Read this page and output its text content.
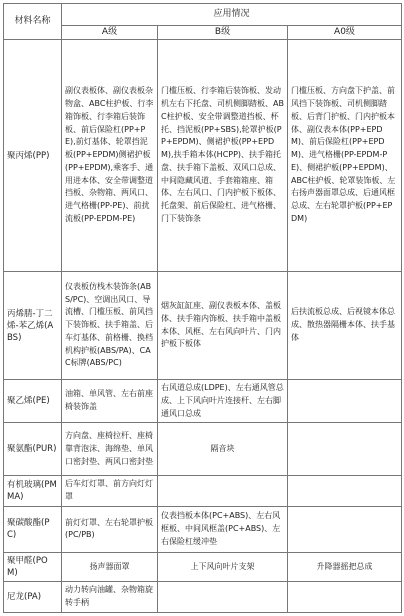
材料名称	应用情况		
	A级	B级	A0级
聚丙烯(PP)	副仪表板体、副仪表板杂物盒、ABC柱护板、行李箱饰板、行李箱后装饰板、前后保险杠(PP+PE),前灯基体、轮罩挡泥板(PP+EPDM)侧裙护板(PP+EPDM),乘客手、通用进本体、安全带调整道挡板、杂物箱、两风口、进气格栅(PP-PE)、前扰流板(PP-EPDM-PE)	门槛压板、行李箱后装饰板、发动机左右下托盘、司机侧脚踏板、ABC柱护板、安全带调整道挡板、杯托、挡泥板(PP+SBS),轮罩护板(PP+EPDM)、侧裙护板(PP+EPDM),扶手箱本体(HCPP)、扶手箱托盘、扶手箱下盖板、双风口总成、中间隐藏风道、手套箱箱座、箱体、左右风口、门内护板下板体、托盘架、前后保险杠、进气格栅、门下装饰条	门槛压板、方向盘下护盖、前风挡下装饰板、司机侧脚踏板、后背门护板、门内护板本体、副仪表本体(PP+EPDM)、前后保险杠(PP+EPDM)、进气格栅(PP-EPDM-PE)、侧裙护板(PP+EPDM)、ABC柱护板、轮罩装饰板、左右扬声器面罩总成、后通风框总成、左右轮罩护板(PP+EPDM)
丙烯腈-丁二烯-苯乙烯(ABS)	仪表板仿栈木装饰条(ABS/PC)、空调出风口、导流槽、门槛压板、前风挡下装饰板、扶手箱盖、后车灯基体、前格栅、换档机构护板(ABS/PA)、CAC标牌(ABS/PC)	烟灰缸缸座、副仪表板本体、盖板体、扶手箱内饰板、扶手箱中盖板本体、风框、左右风向叶片、门内护板下板体	后扶流板总成、后视镜本体总成、散热器隔栅本体、扶手基体
聚乙烯(PE)	油箱、单风管、左右前座椅装饰盖	右风道总成(LDPE)、左右通风管总成、上下风向叶片连接杆、左右脚通风口总成	
聚氨酯(PUR)	方向盘、座椅拉杆、座椅靠背泡沫、海绵垫、单风口密封垫、两风口密封垫	隔音块	
有机玻璃(PMMA)	后车灯灯罩、前方向灯灯罩		
聚碳酸酯(PC)	前灯灯罩、左右轮罩护板(PC/PB)	仪表挡板本体(PC+ABS)、左右风框板、中间风框盖(PC+ABS)、左右保险杠缓冲垫	
聚甲醛(POM)	扬声器面罩	上下风向叶片支架	升降器摇把总成
尼龙(PA)	动力转向油罐、杂物箱旋转手柄		
